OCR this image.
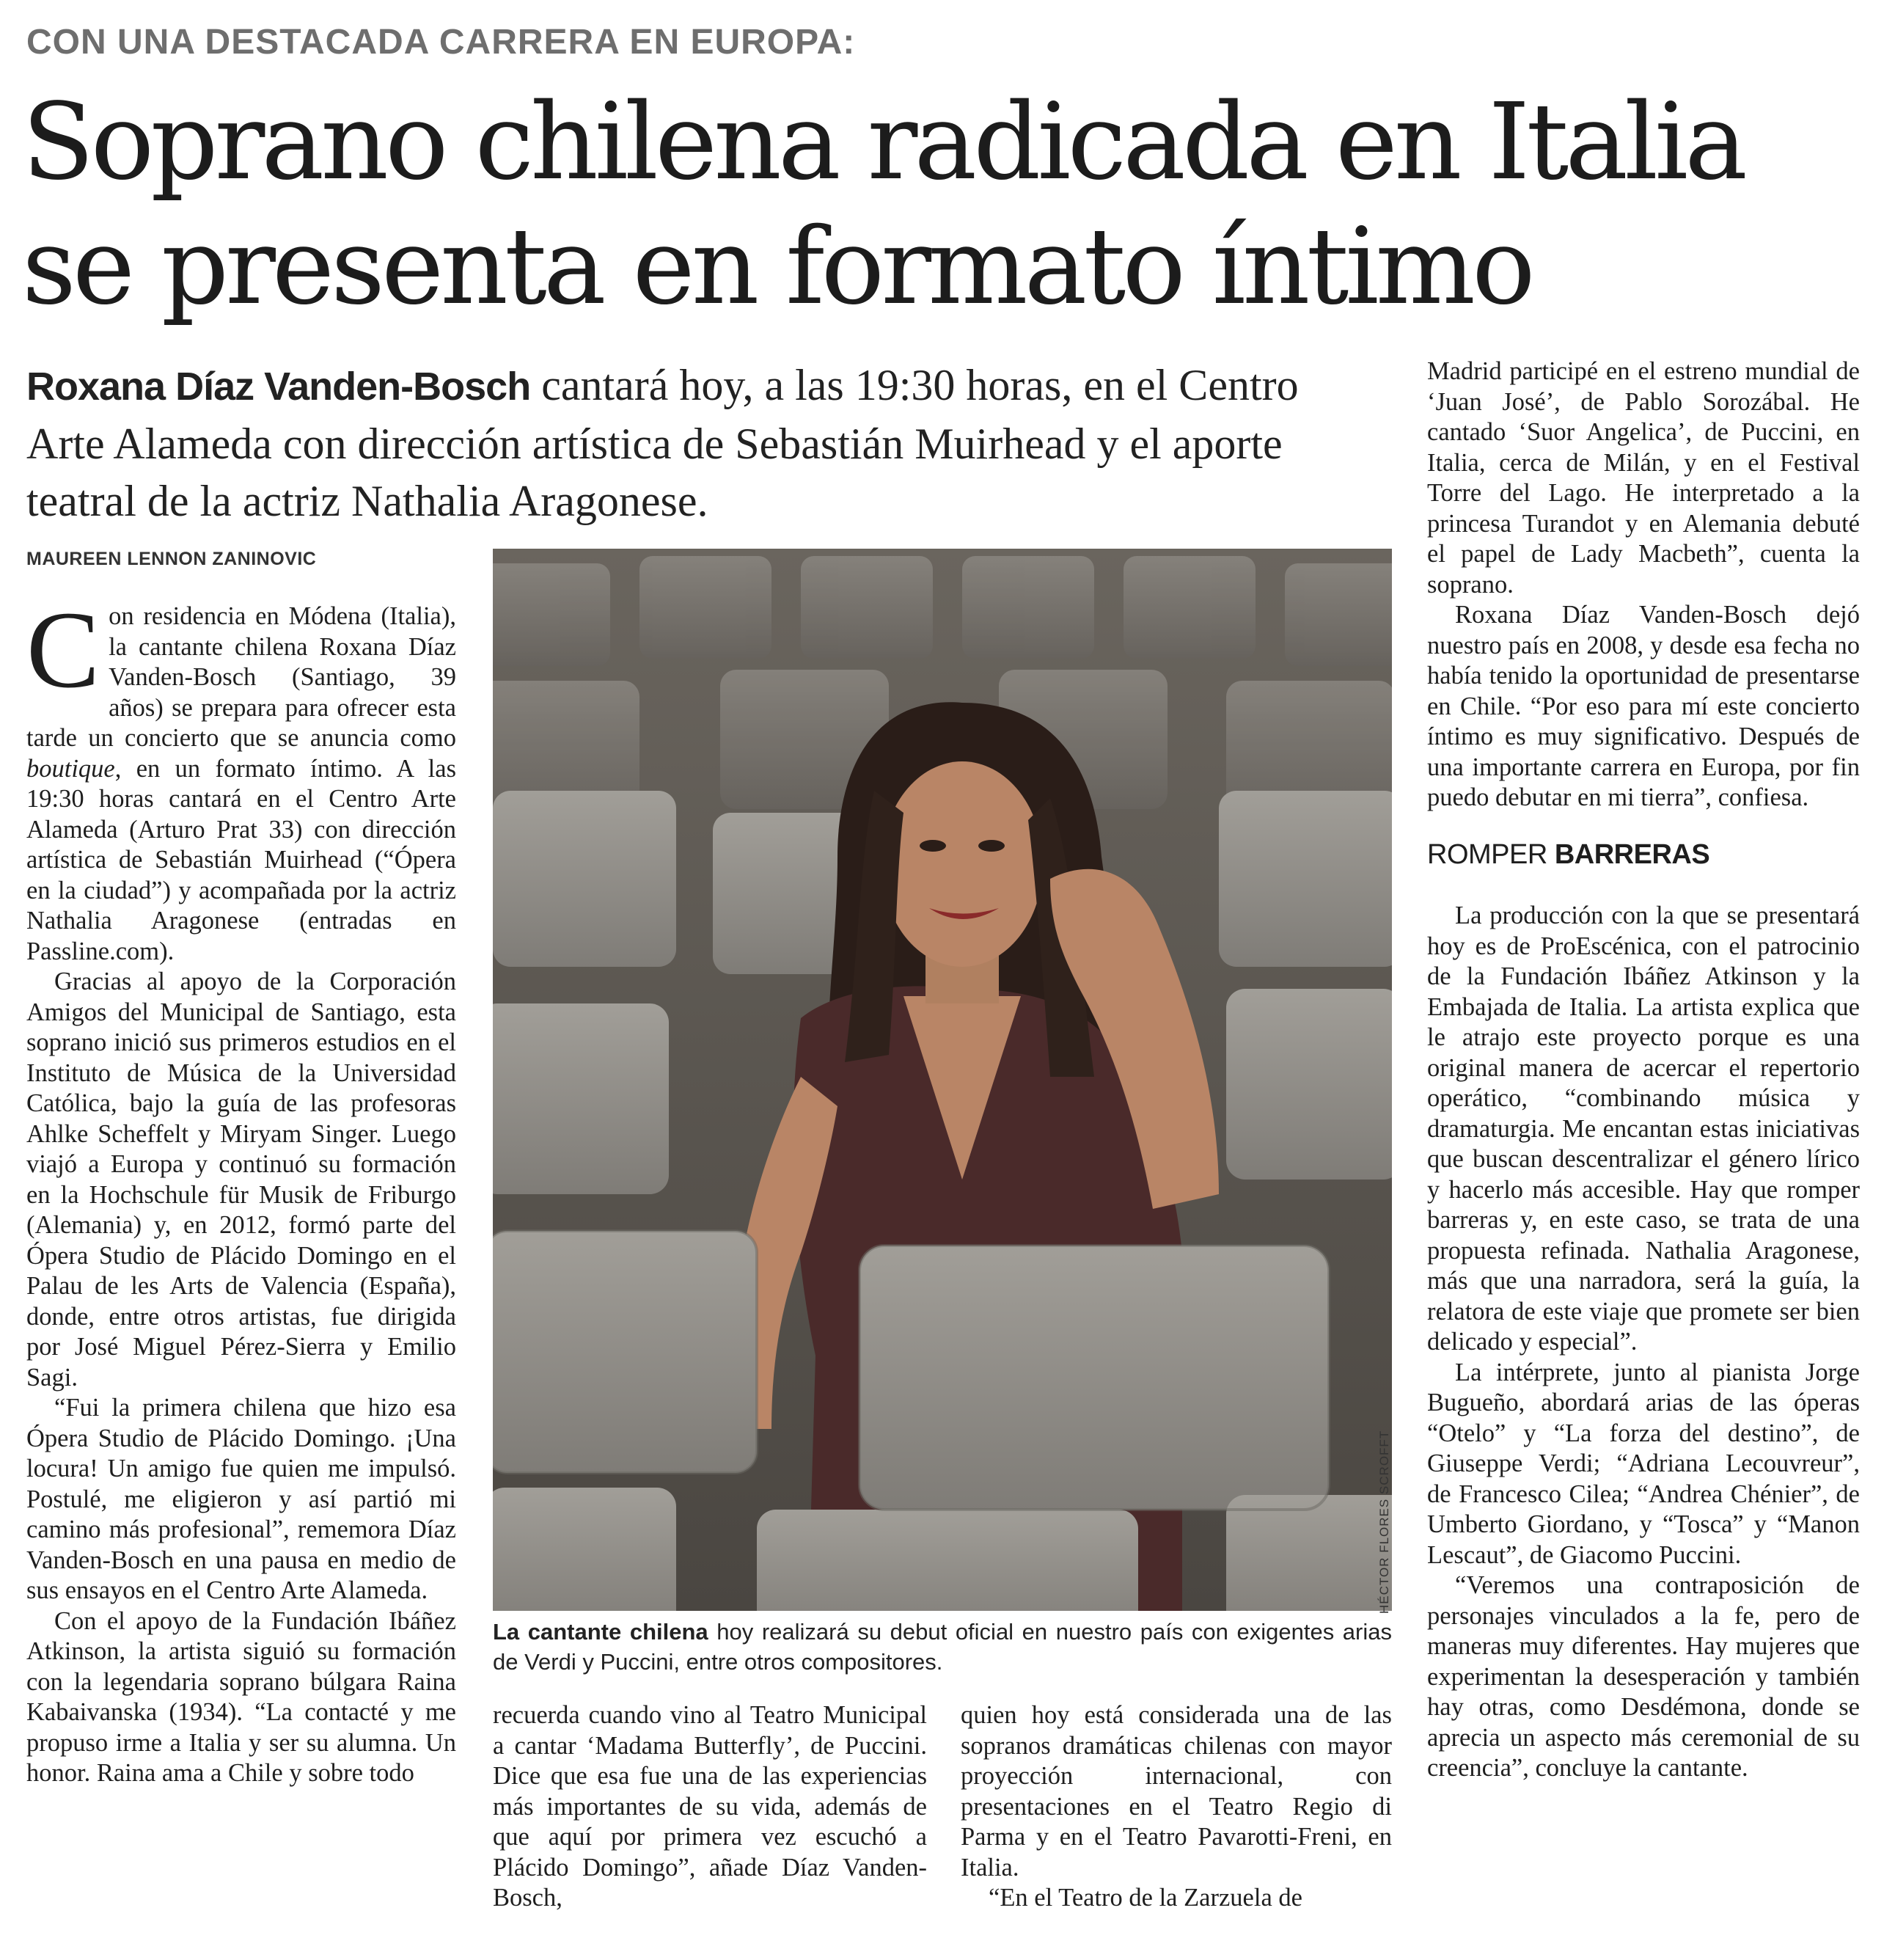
CON UNA DESTACADA CARRERA EN EUROPA:
Soprano chilena radicada en Italia
se presenta en formato íntimo
Roxana Díaz Vanden-Bosch cantará hoy, a las 19:30 horas, en el Centro Arte Alameda con dirección artística de Sebastián Muirhead y el aporte teatral de la actriz Nathalia Aragonese.
MAUREEN LENNON ZANINOVIC

Con residencia en Módena (Italia), la cantante chilena Roxana Díaz Vanden-Bosch (Santiago, 39 años) se prepara para ofrecer esta tarde un concierto que se anuncia como boutique, en un formato íntimo. A las 19:30 horas cantará en el Centro Arte Alameda (Arturo Prat 33) con dirección artística de Sebastián Muirhead (“Ópera en la ciudad”) y acompañada por la actriz Nathalia Aragonese (entradas en Passline.com).

Gracias al apoyo de la Corporación Amigos del Municipal de Santiago, esta soprano inició sus primeros estudios en el Instituto de Música de la Universidad Católica, bajo la guía de las profesoras Ahlke Scheffelt y Miryam Singer. Luego viajó a Europa y continuó su formación en la Hochschule für Musik de Friburgo (Alemania) y, en 2012, formó parte del Ópera Studio de Plácido Domingo en el Palau de les Arts de Valencia (España), donde, entre otros artistas, fue dirigida por José Miguel Pérez-Sierra y Emilio Sagi.

“Fui la primera chilena que hizo esa Ópera Studio de Plácido Domingo. ¡Una locura! Un amigo fue quien me impulsó. Postulé, me eligieron y así partió mi camino más profesional”, rememora Díaz Vanden-Bosch en una pausa en medio de sus ensayos en el Centro Arte Alameda.

Con el apoyo de la Fundación Ibáñez Atkinson, la artista siguió su formación con la legendaria soprano búlgara Raina Kabaivanska (1934). “La contacté y me propuso irme a Italia y ser su alumna. Un honor. Raina ama a Chile y sobre todo

HÉCTOR FLORES SCROFFT
La cantante chilena hoy realizará su debut oficial en nuestro país con exigentes arias de Verdi y Puccini, entre otros compositores.

recuerda cuando vino al Teatro Municipal a cantar ‘Madama Butterfly’, de Puccini. Dice que esa fue una de las experiencias más importantes de su vida, además de que aquí por primera vez escuchó a Plácido Domingo”, añade Díaz Vanden-Bosch,

quien hoy está considerada una de las sopranos dramáticas chilenas con mayor proyección internacional, con presentaciones en el Teatro Regio di Parma y en el Teatro Pavarotti-Freni, en Italia.

“En el Teatro de la Zarzuela de

Madrid participé en el estreno mundial de ‘Juan José’, de Pablo Sorozábal. He cantado ‘Suor Angelica’, de Puccini, en Italia, cerca de Milán, y en el Festival Torre del Lago. He interpretado a la princesa Turandot y en Alemania debuté el papel de Lady Macbeth”, cuenta la soprano.

Roxana Díaz Vanden-Bosch dejó nuestro país en 2008, y desde esa fecha no había tenido la oportunidad de presentarse en Chile. “Por eso para mí este concierto íntimo es muy significativo. Después de una importante carrera en Europa, por fin puedo debutar en mi tierra”, confiesa.

ROMPER BARRERAS

La producción con la que se presentará hoy es de ProEscénica, con el patrocinio de la Fundación Ibáñez Atkinson y la Embajada de Italia. La artista explica que le atrajo este proyecto porque es una original manera de acercar el repertorio operático, “combinando música y dramaturgia. Me encantan estas iniciativas que buscan descentralizar el género lírico y hacerlo más accesible. Hay que romper barreras y, en este caso, se trata de una propuesta refinada. Nathalia Aragonese, más que una narradora, será la guía, la relatora de este viaje que promete ser bien delicado y especial”.

La intérprete, junto al pianista Jorge Bugueño, abordará arias de las óperas “Otelo” y “La forza del destino”, de Giuseppe Verdi; “Adriana Lecouvreur”, de Francesco Cilea; “Andrea Chénier”, de Umberto Giordano, y “Tosca” y “Manon Lescaut”, de Giacomo Puccini.

“Veremos una contraposición de personajes vinculados a la fe, pero de maneras muy diferentes. Hay mujeres que experimentan la desesperación y también hay otras, como Desdémona, donde se aprecia un aspecto más ceremonial de su creencia”, concluye la cantante.
